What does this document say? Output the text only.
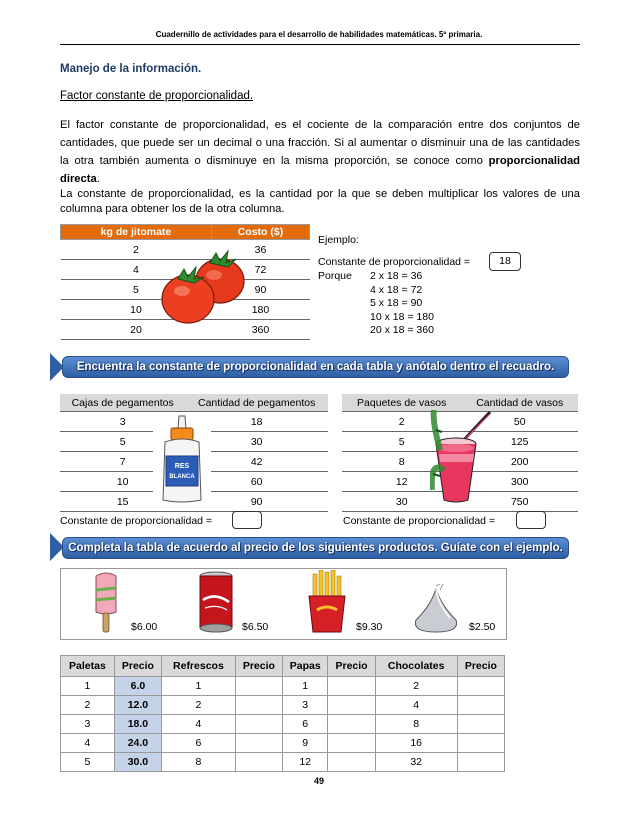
Cuadernillo de actividades para el desarrollo de habilidades matemáticas. 5º primaria.
Manejo de la información.
Factor constante de proporcionalidad.
El factor constante de proporcionalidad, es el cociente de la comparación entre dos conjuntos de cantidades, que puede ser un decimal o una fracción. Si al aumentar o disminuir una de las cantidades la otra también aumenta o disminuye en la misma proporción, se conoce como proporcionalidad directa.
La constante de proporcionalidad, es la cantidad por la que se deben multiplicar los valores de una columna para obtener los de la otra columna.
kg de jitomate	Costo ($)
2	36
4	72
5	90
10	180
20	360
Ejemplo:
Constante de proporcionalidad =	18
Porque 2 x 18 = 36
4 x 18 = 72
5 x 18 = 90
10 x 18 = 180
20 x 18 = 360
Encuentra la constante de proporcionalidad en cada tabla y anótalo dentro el recuadro.
Cajas de pegamentos	Cantidad de pegamentos
3	18
5	30
7	42
10	60
15	90
RES
BLANCA
Paquetes de vasos	Cantidad de vasos
2	50
5	125
8	200
12	300
30	750
Constante de proporcionalidad =	Constante de proporcionalidad =
Completa la tabla de acuerdo al precio de los siguientes productos. Guíate con el ejemplo.
$6.00	$6.50	$9.30	$2.50
Paletas	Precio	Refrescos	Precio	Papas	Precio	Chocolates	Precio
1	6.0	1		1		2	
2	12.0	2		3		4	
3	18.0	4		6		8	
4	24.0	6		9		16	
5	30.0	8		12		32	
49
